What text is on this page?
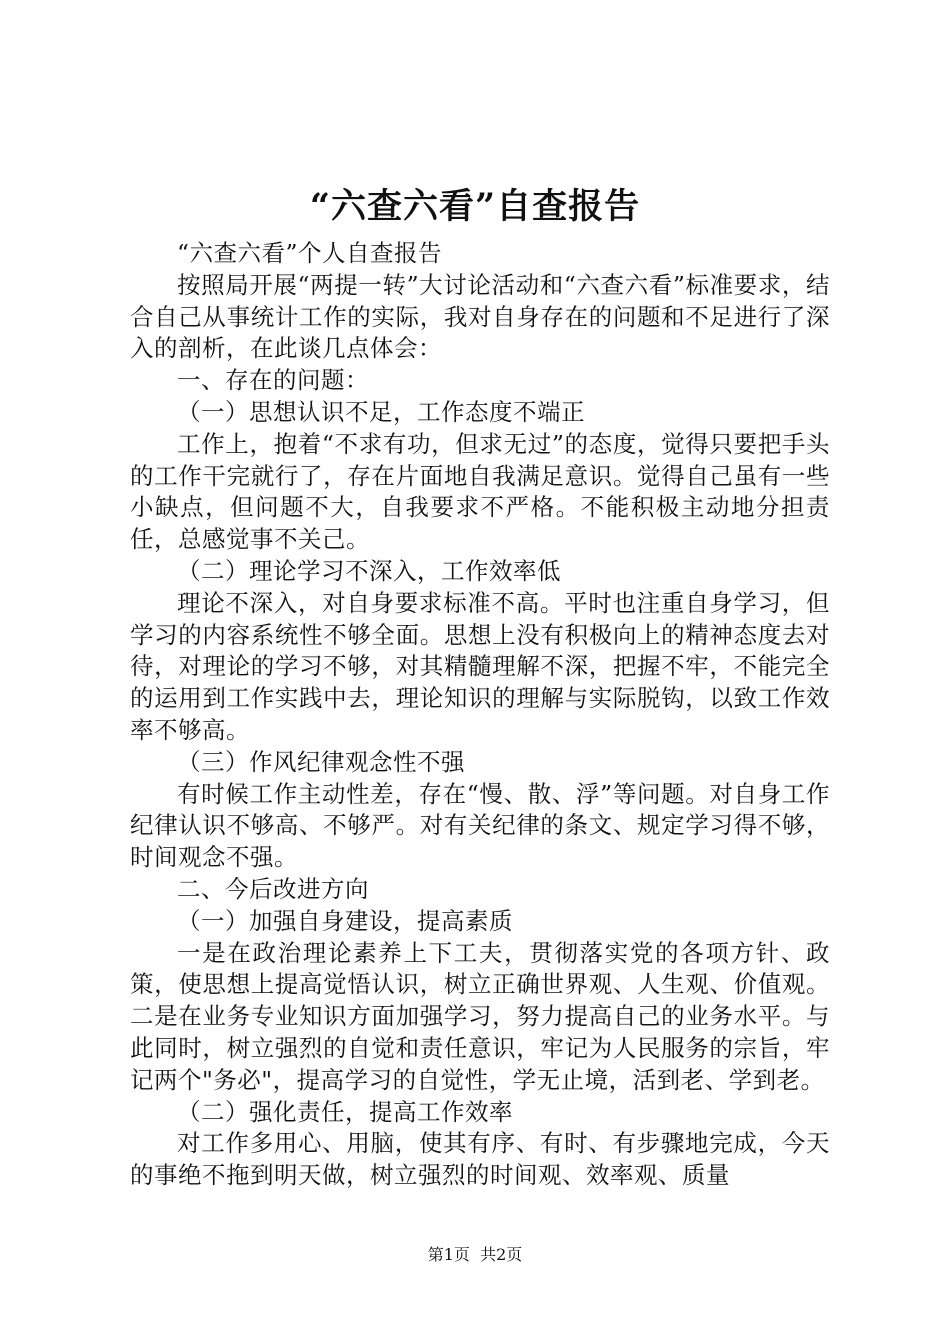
“六查六看”自查报告

“六查六看”个人自查报告

按照局开展“两提一转”大讨论活动和“六查六看”标准要求，结合自己从事统计工作的实际，我对自身存在的问题和不足进行了深入的剖析，在此谈几点体会：

一、存在的问题：

（一）思想认识不足，工作态度不端正

工作上，抱着“不求有功，但求无过”的态度，觉得只要把手头的工作干完就行了，存在片面地自我满足意识。觉得自己虽有一些小缺点，但问题不大，自我要求不严格。不能积极主动地分担责任，总感觉事不关己。

（二）理论学习不深入，工作效率低

理论不深入，对自身要求标准不高。平时也注重自身学习，但学习的内容系统性不够全面。思想上没有积极向上的精神态度去对待，对理论的学习不够，对其精髓理解不深，把握不牢，不能完全的运用到工作实践中去，理论知识的理解与实际脱钩，以致工作效率不够高。

（三）作风纪律观念性不强

有时候工作主动性差，存在“慢、散、浮”等问题。对自身工作纪律认识不够高、不够严。对有关纪律的条文、规定学习得不够，时间观念不强。

二、今后改进方向

（一）加强自身建设，提高素质

一是在政治理论素养上下工夫，贯彻落实党的各项方针、政策，使思想上提高觉悟认识，树立正确世界观、人生观、价值观。二是在业务专业知识方面加强学习，努力提高自己的业务水平。与此同时，树立强烈的自觉和责任意识，牢记为人民服务的宗旨，牢记两个"务必"，提高学习的自觉性，学无止境，活到老、学到老。

（二）强化责任，提高工作效率

对工作多用心、用脑，使其有序、有时、有步骤地完成，今天的事绝不拖到明天做，树立强烈的时间观、效率观、质量

第1页  共2页
